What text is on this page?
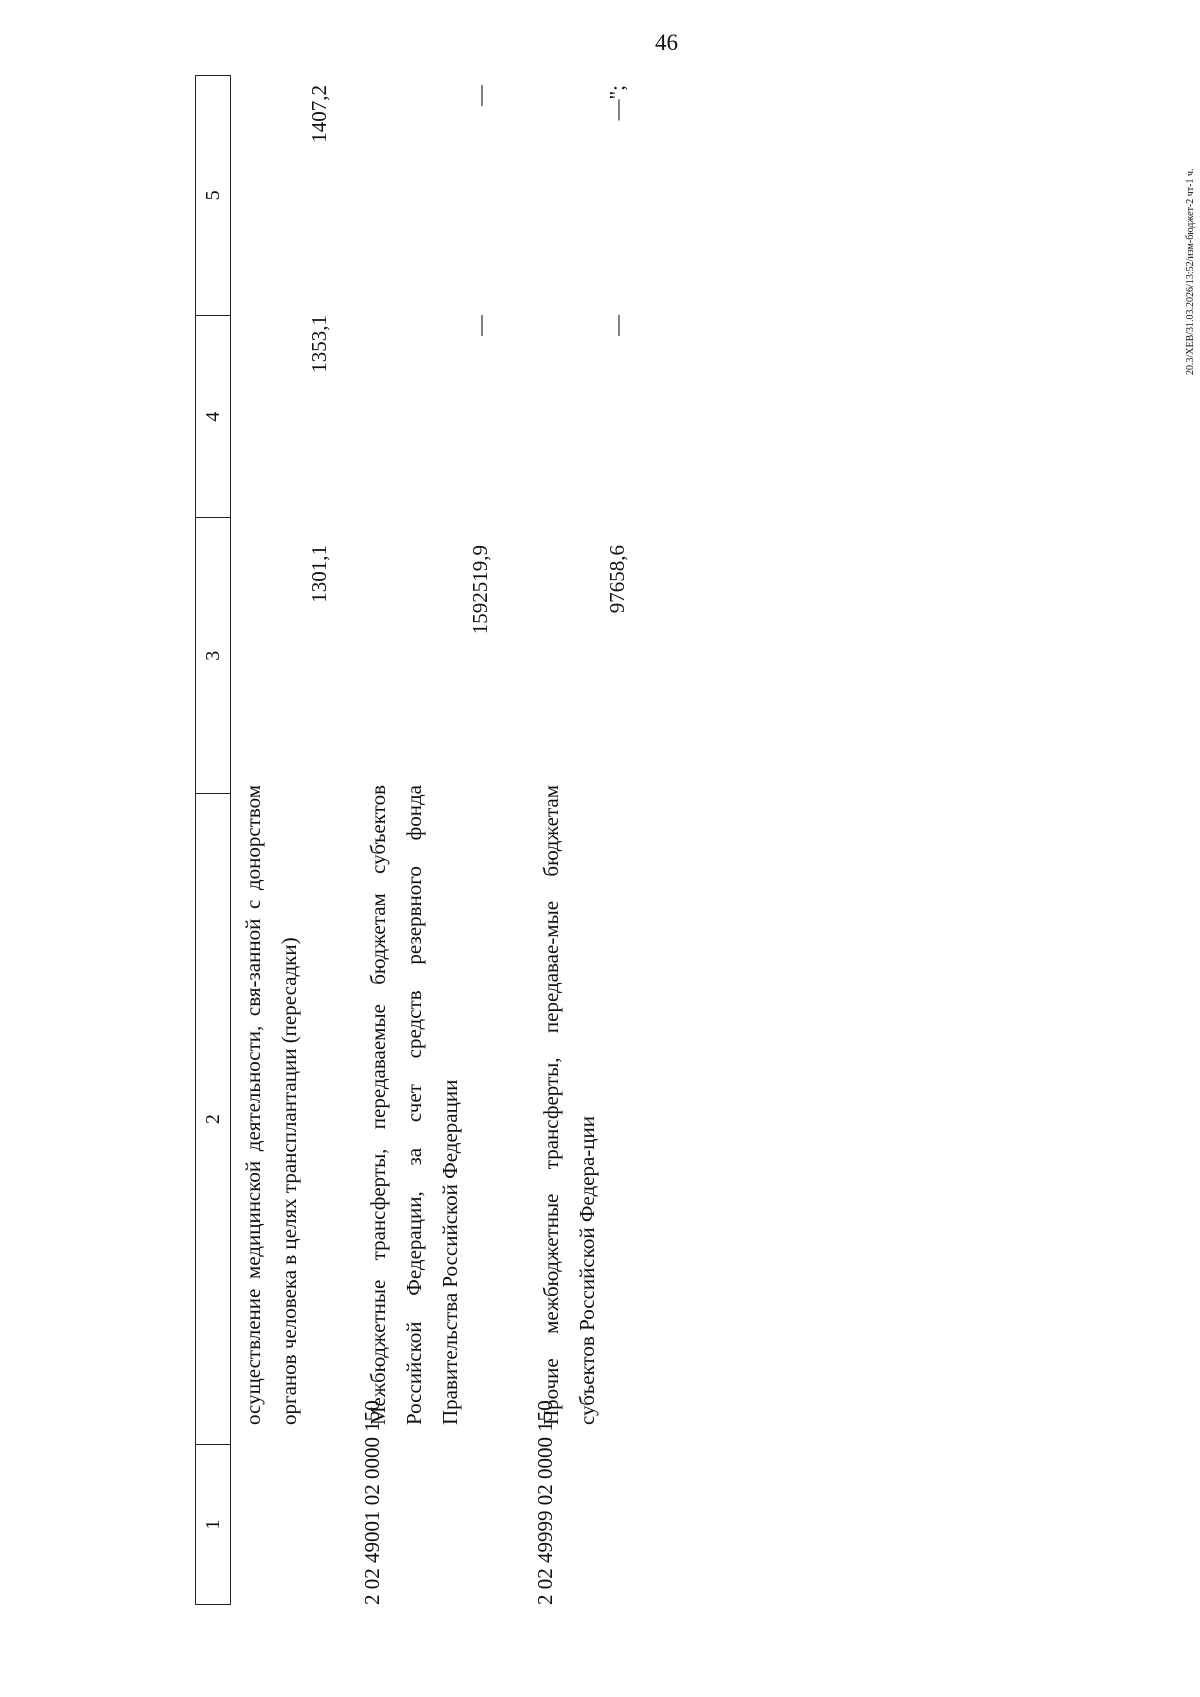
46
20.3/ХЕВ/31.03.2026/13:52/изм-бюджет-2 чт-1 ч.
1
2
3
4
5
осуществление медицинской деятельности, свя-занной с донорством органов человека в целях трансплантации (пересадки)
1301,1
1353,1
1407,2
2 02 49001 02 0000 150
Межбюджетные трансферты, передаваемые бюджетам субъектов Российской Федерации, за счет средств резервного фонда Правительства Российской Федерации
1592519,9
—
—
2 02 49999 02 0000 150
Прочие межбюджетные трансферты, передавае-мые бюджетам субъектов Российской Федера-ции
97658,6
—
—";
